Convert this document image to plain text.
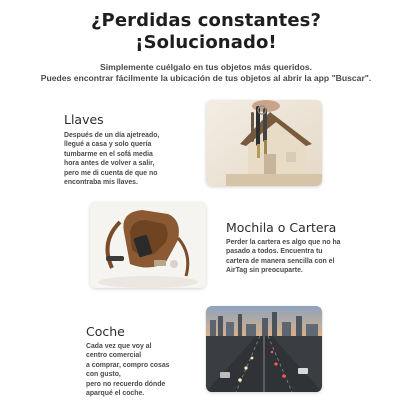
¿Perdidas constantes?
¡Solucionado!
Simplemente cuélgalo en tus objetos más queridos.
Puedes encontrar fácilmente la ubicación de tus objetos al abrir la app "Buscar".
Llaves
Después de un día ajetreado,
llegué a casa y solo quería
tumbarme en el sofá media
hora antes de volver a salir,
pero me di cuenta de que no
encontraba mis llaves.
Mochila o Cartera
Perder la cartera es algo que no ha
pasado a todos. Encuentra tu
cartera de manera sencilla con el
AirTag sin preocuparte.
Coche
Cada vez que voy al
centro comercial
a comprar, compro cosas
con gusto,
pero no recuerdo dónde
aparqué el coche.
